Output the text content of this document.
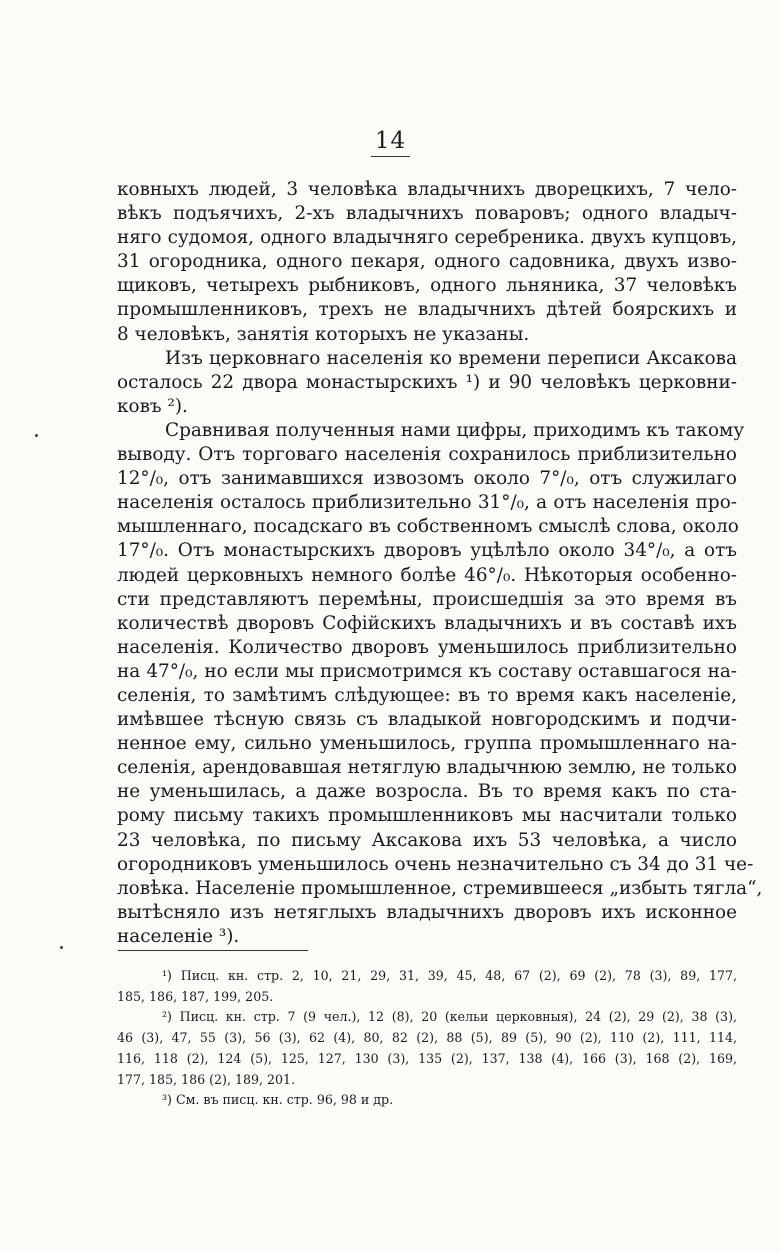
14
ковныхъ людей, 3 человѣка владычнихъ дворецкихъ, 7 чело-
вѣкъ подъячихъ, 2-хъ владычнихъ поваровъ; одного владыч-
няго судомоя, одного владычняго серебреника. двухъ купцовъ,
31 огородника, одного пекаря, одного садовника, двухъ изво-
щиковъ, четырехъ рыбниковъ, одного льняника, 37 человѣкъ
промышленниковъ, трехъ не владычнихъ дѣтей боярскихъ и
8 человѣкъ, занятія которыхъ не указаны.
Изъ церковнаго населенія ко времени переписи Аксакова
осталось 22 двора монастырскихъ ¹) и 90 человѣкъ церковни-
ковъ ²).
Сравнивая полученныя нами цифры, приходимъ къ такому
выводу. Отъ торговаго населенія сохранилось приблизительно
12°/₀, отъ занимавшихся извозомъ около 7°/₀, отъ служилаго
населенія осталось приблизительно 31°/₀, а отъ населенія про-
мышленнаго, посадскаго въ собственномъ смыслѣ слова, около
17°/₀. Отъ монастырскихъ дворовъ уцѣлѣло около 34°/₀, а отъ
людей церковныхъ немного болѣе 46°/₀. Нѣкоторыя особенно-
сти представляютъ перемѣны, происшедшія за это время въ
количествѣ дворовъ Софійскихъ владычнихъ и въ составѣ ихъ
населенія. Количество дворовъ уменьшилось приблизительно
на 47°/₀, но если мы присмотримся къ составу оставшагося на-
селенія, то замѣтимъ слѣдующее: въ то время какъ населеніе,
имѣвшее тѣсную связь съ владыкой новгородскимъ и подчи-
ненное ему, сильно уменьшилось, группа промышленнаго на-
селенія, арендовавшая нетяглую владычнюю землю, не только
не уменьшилась, а даже возросла. Въ то время какъ по ста-
рому письму такихъ промышленниковъ мы насчитали только
23 человѣка, по письму Аксакова ихъ 53 человѣка, а число
огородниковъ уменьшилось очень незначительно съ 34 до 31 че-
ловѣка. Населеніе промышленное, стремившееся „избыть тягла“,
вытѣсняло изъ нетяглыхъ владычнихъ дворовъ ихъ исконное
населеніе ³).
¹) Писц. кн. стр. 2, 10, 21, 29, 31, 39, 45, 48, 67 (2), 69 (2), 78 (3), 89, 177,
185, 186, 187, 199, 205.
²) Писц. кн. стр. 7 (9 чел.), 12 (8), 20 (кельи церковныя), 24 (2), 29 (2), 38 (3),
46 (3), 47, 55 (3), 56 (3), 62 (4), 80, 82 (2), 88 (5), 89 (5), 90 (2), 110 (2), 111, 114,
116, 118 (2), 124 (5), 125, 127, 130 (3), 135 (2), 137, 138 (4), 166 (3), 168 (2), 169,
177, 185, 186 (2), 189, 201.
³) См. въ писц. кн. стр. 96, 98 и др.
